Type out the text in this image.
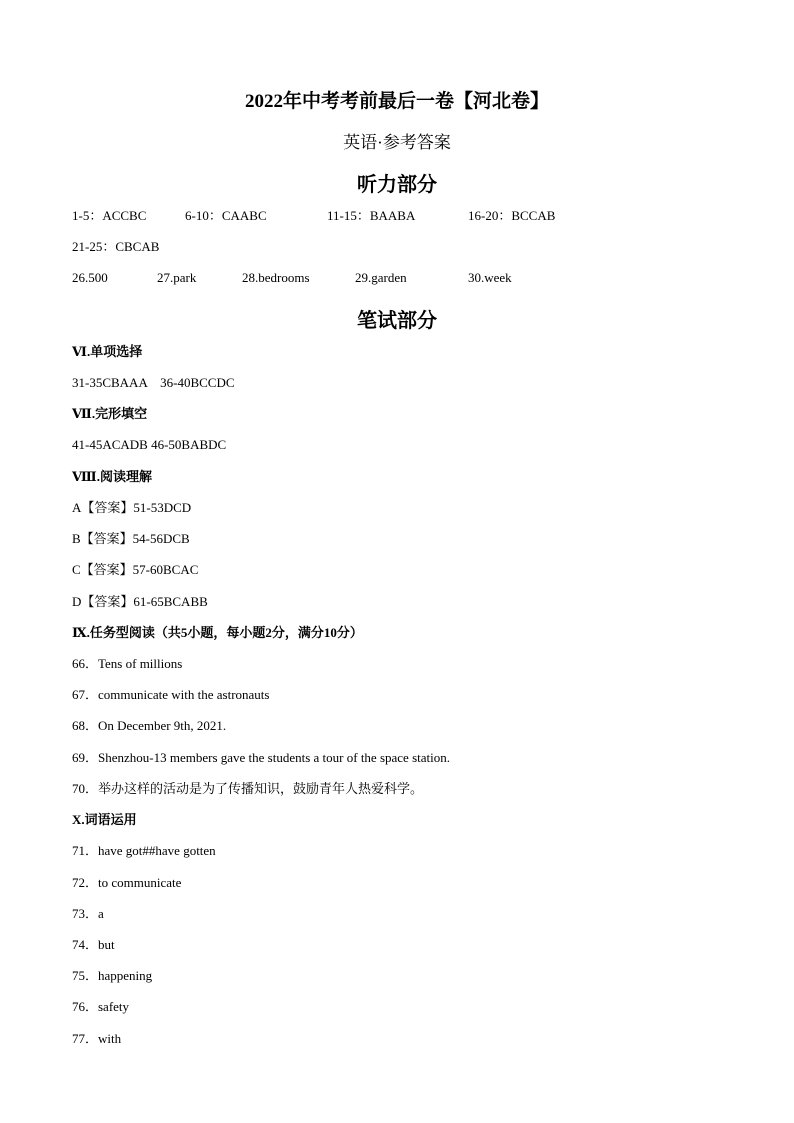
2022年中考考前最后一卷【河北卷】
英语·参考答案
听力部分
1-5：ACCBC	6-10：CAABC	11-15：BAABA	16-20：BCCAB
21-25：CBCAB
26.500	27.park	28.bedrooms	29.garden	30.week
笔试部分
Ⅵ.单项选择
31-35CBAAA　36-40BCCDC
Ⅶ.完形填空
41-45ACADB 46-50BABDC
Ⅷ.阅读理解
A【答案】51-53DCD
B【答案】54-56DCB
C【答案】57-60BCAC
D【答案】61-65BCABB
Ⅸ.任务型阅读（共5小题，每小题2分，满分10分）
66．Tens of millions
67．communicate with the astronauts
68．On December 9th, 2021.
69．Shenzhou-13 members gave the students a tour of the space station.
70．举办这样的活动是为了传播知识，鼓励青年人热爱科学。
X.词语运用
71．have got##have gotten
72．to communicate
73．a
74．but
75．happening
76．safety
77．with
